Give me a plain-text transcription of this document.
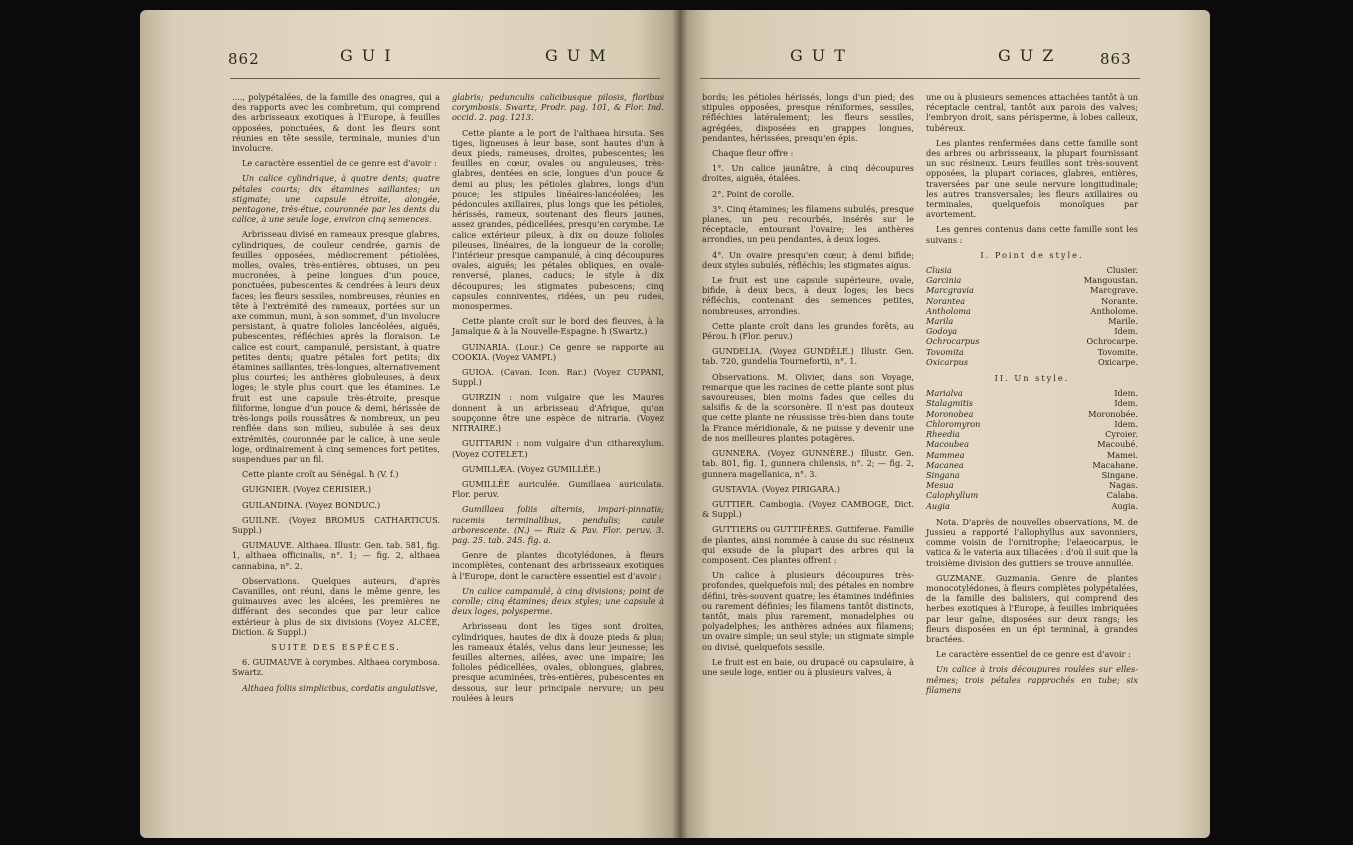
862	GUI	GUM

...., polypétalées, de la famille des onagres, qui a des rapports avec les combretum, qui comprend des arbrisseaux exotiques à l'Europe, à feuilles opposées, ponctuées, & dont les fleurs sont réunies en tête sessile, terminale, munies d'un involucre.

Le caractère essentiel de ce genre est d'avoir :

Un calice cylindrique, à quatre dents; quatre pétales courts; dix étamines saillantes; un stigmate; une capsule étroite, alongée, pentagone, très-étue, couronnée par les dents du calice, à une seule loge, environ cinq semences.

Arbrisseau divisé en rameaux presque glabres, cylindriques, de couleur cendrée, garnis de feuilles opposées, médiocrement pétiolées, molles, ovales, très-entières, obtuses, un peu mucronées, à peine longues d'un pouce, ponctuées, pubescentes & cendrées à leurs deux faces; les fleurs sessiles, nombreuses, réunies en tête à l'extrémité des rameaux, portées sur un axe commun, muni, à son sommet, d'un involucre persistant, à quatre folioles lancéolées, aiguës, pubescentes, réfléchies après la floraison. Le calice est court, campanulé, persistant, à quatre petites dents; quatre pétales fort petits; dix étamines saillantes, très-longues, alternativement plus courtes; les anthères globuleuses, à deux loges; le style plus court que les étamines. Le fruit est une capsule très-étroite, presque filiforme, longue d'un pouce & demi, hérissée de très-longs poils roussâtres & nombreux, un peu renflée dans son milieu, subulée à ses deux extrémités, couronnée par le calice, à une seule loge, ordinairement à cinq semences fort petites, suspendues par un fil.

Cette plante croît au Sénégal. ħ (V. f.)

GUIGNIER. (Voyez CERISIER.)

GUILANDINA. (Voyez BONDUC.)

GUILNE. (Voyez BROMUS CATHARTICUS. Suppl.)

GUIMAUVE. Althaea. Illustr. Gen. tab. 581, fig. 1, althaea officinalis, n°. 1; — fig. 2, althaea cannabina, n°. 2.

Observations. Quelques auteurs, d'après Cavanilles, ont réuni, dans le même genre, les guimauves avec les alcées, les premières ne différant des secondes que par leur calice extérieur à plus de six divisions (Voyez ALCÉE, Diction. & Suppl.)

SUITE DES ESPÈCES.

6. GUIMAUVE à corymbes. Althaea corymbosa. Swartz.

Althaea foliis simplicibus, cordatis angulatisve,

glabris; pedunculis calicibusque pilosis, floribus corymbosis. Swartz, Prodr. pag. 101, & Flor. Ind. occid. 2. pag. 1213.

Cette plante a le port de l'althaea hirsuta. Ses tiges, ligneuses à leur base, sont hautes d'un à deux pieds, rameuses, droites, pubescentes; les feuilles en cœur, ovales ou anguleuses, très-glabres, dentées en scie, longues d'un pouce & demi au plus; les pétioles glabres, longs d'un pouce; les stipules linéaires-lancéolées; les pédoncules axillaires, plus longs que les pétioles, hérissés, rameux, soutenant des fleurs jaunes, assez grandes, pédicellées, presqu'en corymbe. Le calice extérieur pileux, à dix ou douze folioles pileuses, linéaires, de la longueur de la corolle; l'intérieur presque campanulé, à cinq découpures ovales, aiguës; les pétales obliques, en ovale-renversé, planes, caducs; le style à dix découpures; les stigmates pubescens; cinq capsules conniventes, ridées, un peu rudes, monospermes.

Cette plante croît sur le bord des fleuves, à la Jamaïque & à la Nouvelle-Espagne. ħ (Swartz.)

GUINARIA. (Lour.) Ce genre se rapporte au COOKIA. (Voyez VAMPI.)

GUIOA. (Cavan. Icon. Rar.) (Voyez CUPANI, Suppl.)

GUIRZIN : nom vulgaire que les Maures donnent à un arbrisseau d'Afrique, qu'on soupçonne être une espèce de nitraria. (Voyez NITRAIRE.)

GUITTARIN : nom vulgaire d'un citharexylum. (Voyez COTELET.)

GUMILLÆA. (Voyez GUMILLÉE.)

GUMILLÉE auriculée. Gumillaea auriculata. Flor. peruv.

Gumillaea foliis alternis, impari-pinnatis; racemis terminalibus, pendulis; caule arborescente. (N.) — Ruiz & Pav. Flor. peruv. 3. pag. 25. tab. 245. fig. a.

Genre de plantes dicotylédones, à fleurs incomplètes, contenant des arbrisseaux exotiques à l'Europe, dont le caractère essentiel est d'avoir :

Un calice campanulé, à cinq divisions; point de corolle; cinq étamines; deux styles; une capsule à deux loges, polysperme.

Arbrisseau dont les tiges sont droites, cylindriques, hautes de dix à douze pieds & plus; les rameaux étalés, velus dans leur jeunesse; les feuilles alternes, ailées, avec une impaire; les folioles pédicellées, ovales, oblongues, glabres, presque acuminées, très-entières, pubescentes en dessous, sur leur principale nervure; un peu roulées à leurs

GUT	GUZ	863

bords; les pétioles hérissés, longs d'un pied; des stipules opposées, presque réniformes, sessiles, réfléchies latéralement; les fleurs sessiles, agrégées, disposées en grappes longues, pendantes, hérissées, presqu'en épis.

Chaque fleur offre :

1°. Un calice jaunâtre, à cinq découpures droites, aiguës, étalées.

2°. Point de corolle.

3°. Cinq étamines; les filamens subulés, presque planes, un peu recourbés, insérés sur le réceptacle, entourant l'ovaire; les anthères arrondies, un peu pendantes, à deux loges.

4°. Un ovaire presqu'en cœur, à demi bifide; deux styles subulés, réfléchis; les stigmates aigus.

Le fruit est une capsule supérieure, ovale, bifide, à deux becs, à deux loges; les becs réfléchis, contenant des semences petites, nombreuses, arrondies.

Cette plante croît dans les grandes forêts, au Pérou. ħ (Flor. peruv.)

GUNDELIA. (Voyez GUNDÈLE.) Illustr. Gen. tab. 720, gundelia Tournefortii, n°. 1.

Observations. M. Olivier, dans son Voyage, remarque que les racines de cette plante sont plus savoureuses, bien moins fades que celles du salsifis & de la scorsonère. Il n'est pas douteux que cette plante ne réussisse très-bien dans toute la France méridionale, & ne puisse y devenir une de nos meilleures plantes potagères.

GUNNERA. (Voyez GUNNÈRE.) Illustr. Gen. tab. 801, fig. 1, gunnera chilensis, n°. 2; — fig. 2, gunnera magellanica, n°. 3.

GUSTAVIA. (Voyez PIRIGARA.)

GUTTIER. Cambogia. (Voyez CAMBOGE, Dict. & Suppl.)

GUTTIERS ou GUTTIFÈRES. Guttiferae. Famille de plantes, ainsi nommée à cause du suc résineux qui exsude de la plupart des arbres qui la composent. Ces plantes offrent :

Un calice à plusieurs découpures très-profondes, quelquefois nul; des pétales en nombre défini, très-souvent quatre; les étamines indéfinies ou rarement définies; les filamens tantôt distincts, tantôt, mais plus rarement, monadelphes ou polyadelphes; les anthères adnées aux filamens; un ovaire simple; un seul style; un stigmate simple ou divisé, quelquefois sessile.

Le fruit est en baie, ou drupacé ou capsulaire, à une seule loge, entier ou à plusieurs valves, à

une ou à plusieurs semences attachées tantôt à un réceptacle central, tantôt aux parois des valves; l'embryon droit, sans périsperme, à lobes calleux, tubéreux.

Les plantes renfermées dans cette famille sont des arbres ou arbrisseaux, la plupart fournissant un suc résineux. Leurs feuilles sont très-souvent opposées, la plupart coriaces, glabres, entières, traversées par une seule nervure longitudinale; les autres transversales; les fleurs axillaires ou terminales, quelquefois monoïques par avortement.

Les genres contenus dans cette famille sont les suivans :

I. Point de style.

Clusia	Clusier.
Garcinia	Mangoustan.
Marcgravia	Marcgrave.
Norantea	Norante.
Antholoma	Antholome.
Marila	Marile.
Godoya	Idem.
Ochrocarpus	Ochrocarpe.
Tovomita	Tovomite.
Oxicarpus	Oxicarpe.

II. Un style.

Marialva	Idem.
Stalagmitis	Idem.
Moronobea	Moronobée.
Chloromyron	Idem.
Rheedia	Cyroier.
Macoubea	Macoubé.
Mammea	Mamei.
Macanea	Macahane.
Singana	Singane.
Mesua	Nagas.
Calophyllum	Calaba.
Augia	Augia.

Nota. D'après de nouvelles observations, M. de Jussieu a rapporté l'allophyllus aux savonniers, comme voisin de l'ornitrophe; l'elaeocarpus, le vatica & le vateria aux tiliacées : d'où il suit que la troisième division des guttiers se trouve annullée.

GUZMANE. Guzmania. Genre de plantes monocotylédones, à fleurs complètes polypétalées, de la famille des balisiers, qui comprend des herbes exotiques à l'Europe, à feuilles imbriquées par leur gaîne, disposées sur deux rangs; les fleurs disposées en un épi terminal, à grandes bractées.

Le caractère essentiel de ce genre est d'avoir :

Un calice à trois découpures roulées sur elles-mêmes; trois pétales rapprochés en tube; six filamens
